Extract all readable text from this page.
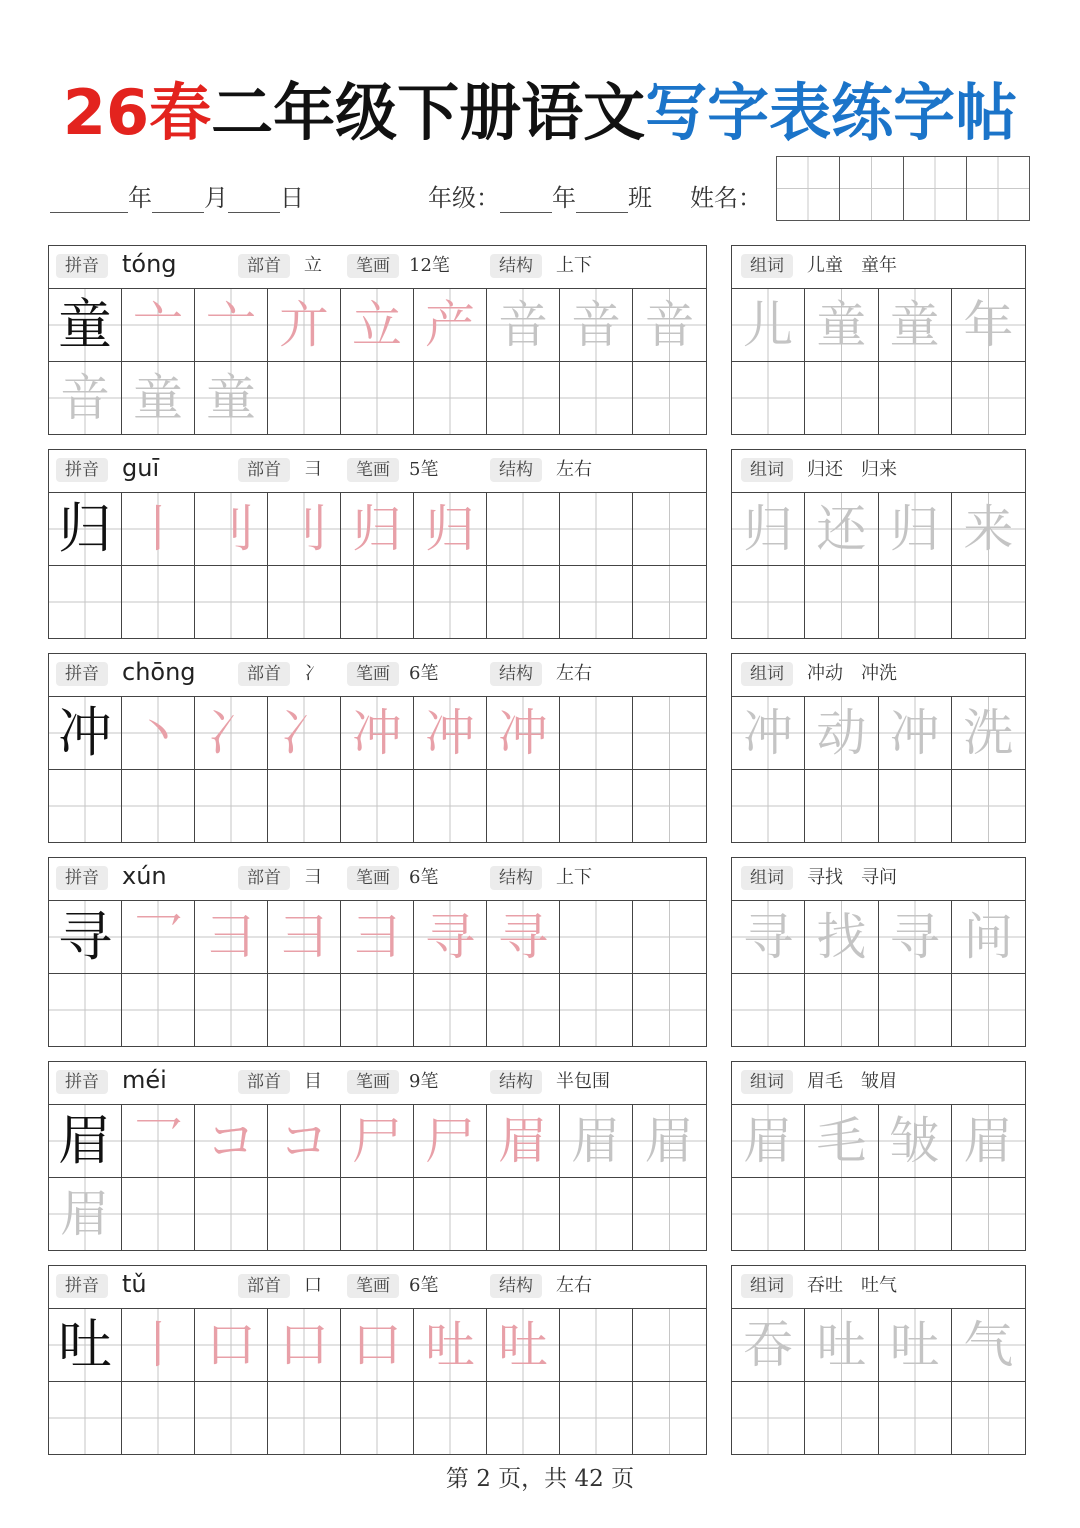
26春二年级下册语文写字表练字帖
年 月 日	年级： 年 班 姓名：
拼音 tóng	部首	立	笔画	12笔	结构	上下
童 亠 亠 亣 立 产 音 音 音
音 童 童
组词	儿童　童年
儿 童 童 年
拼音 guī	部首	彐	笔画	5笔	结构	左右
归 丨 刂 刂 归 归
组词	归还　归来
归 还 归 来
拼音 chōng	部首	冫	笔画	6笔	结构	左右
冲 丶 冫 冫 冲 冲 冲
组词	冲动　冲洗
冲 动 冲 洗
拼音 xún	部首	彐	笔画	6笔	结构	上下
寻 乛 彐 彐 彐 寻 寻
组词	寻找　寻问
寻 找 寻 问
拼音 méi	部首	目	笔画	9笔	结构	半包围
眉 乛 コ コ 尸 尸 眉 眉 眉
眉
组词	眉毛　皱眉
眉 毛 皱 眉
拼音 tǔ	部首	口	笔画	6笔	结构	左右
吐 丨 口 口 口 吐 吐
组词	吞吐　吐气
吞 吐 吐 气
第 2 页，共 42 页
